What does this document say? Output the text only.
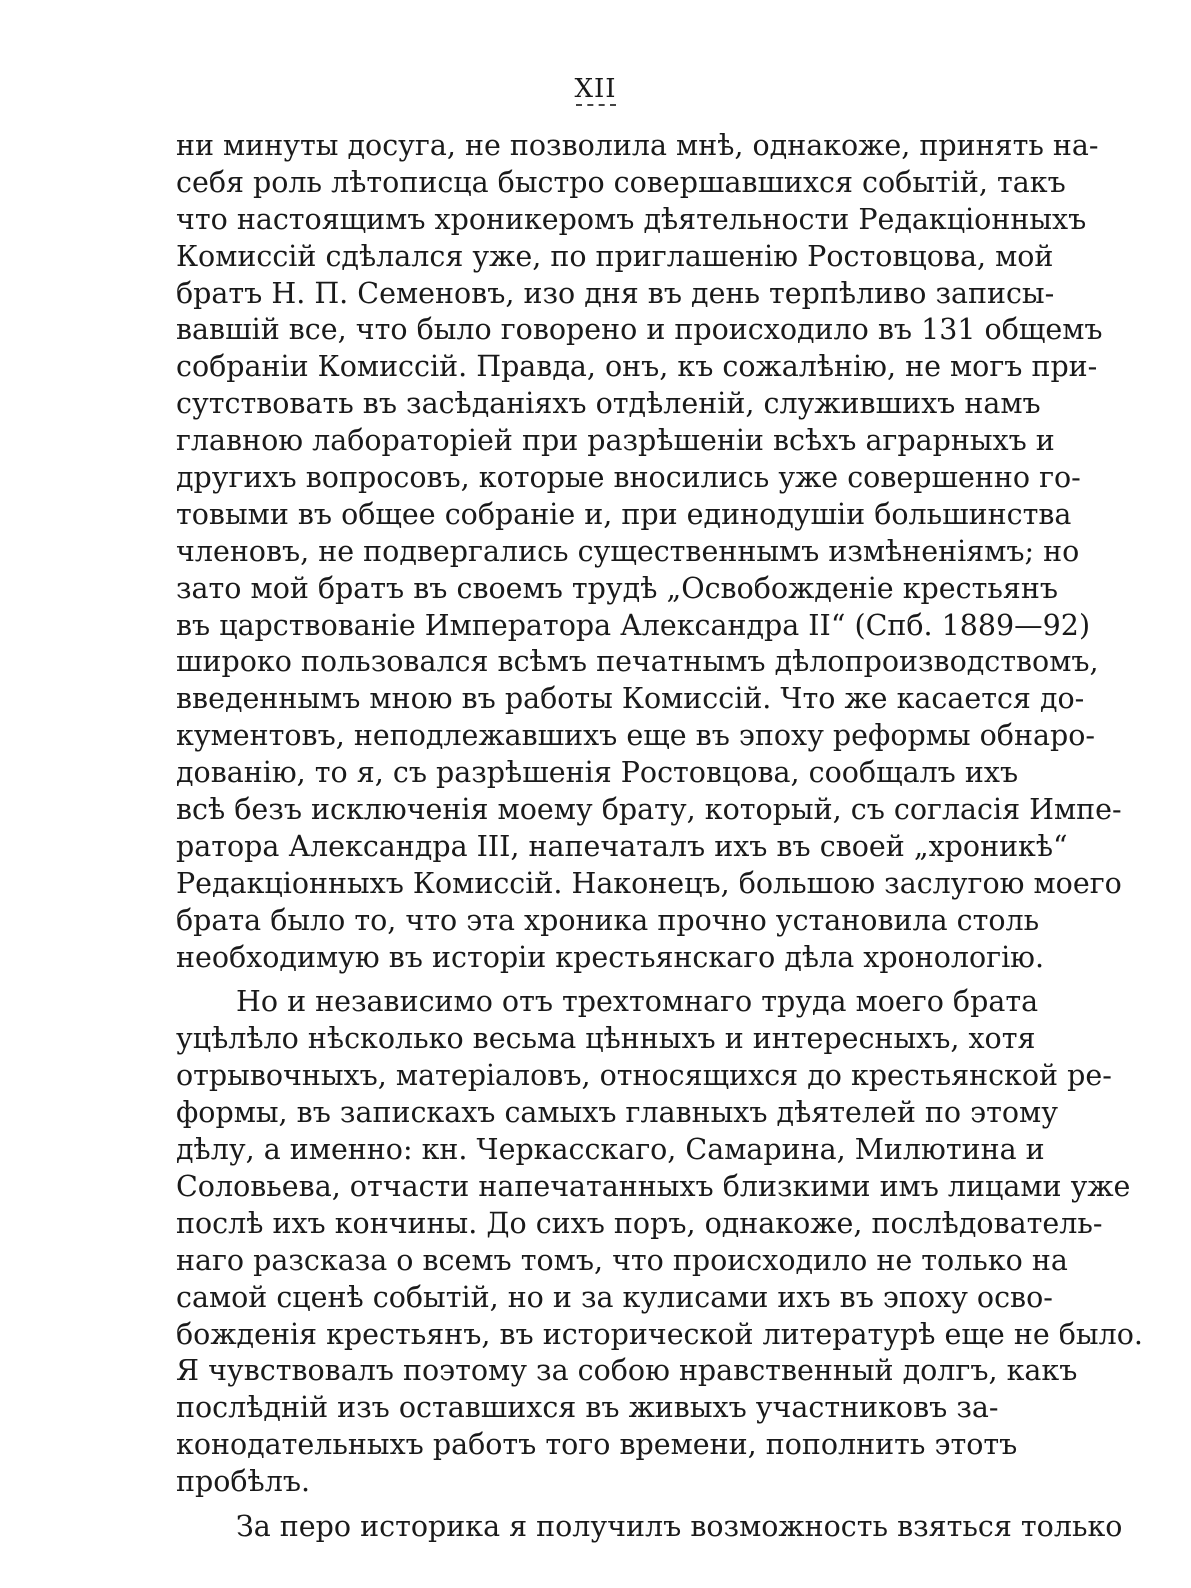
XII
ни минуты досуга, не позволила мнѣ, однакоже, принять на-
себя роль лѣтописца быстро совершавшихся событій, такъ
что настоящимъ хроникеромъ дѣятельности Редакціонныхъ
Комиссій сдѣлался уже, по приглашенію Ростовцова, мой
братъ Н. П. Семеновъ, изо дня въ день терпѣливо записы-
вавшій все, что было говорено и происходило въ 131 общемъ
собраніи Комиссій. Правда, онъ, къ сожалѣнію, не могъ при-
сутствовать въ засѣданіяхъ отдѣленій, служившихъ намъ
главною лабораторіей при разрѣшеніи всѣхъ аграрныхъ и
другихъ вопросовъ, которые вносились уже совершенно го-
товыми въ общее собраніе и, при единодушіи большинства
членовъ, не подвергались существеннымъ измѣненіямъ; но
зато мой братъ въ своемъ трудѣ „Освобожденіе крестьянъ
въ царствованіе Императора Александра II“ (Спб. 1889—92)
широко пользовался всѣмъ печатнымъ дѣлопроизводствомъ,
введеннымъ мною въ работы Комиссій. Что же касается до-
кументовъ, неподлежавшихъ еще въ эпоху реформы обнаро-
дованію, то я, съ разрѣшенія Ростовцова, сообщалъ ихъ
всѣ безъ исключенія моему брату, который, съ согласія Импе-
ратора Александра III, напечаталъ ихъ въ своей „хроникѣ“
Редакціонныхъ Комиссій. Наконецъ, большою заслугою моего
брата было то, что эта хроника прочно установила столь
необходимую въ исторіи крестьянскаго дѣла хронологію.
Но и независимо отъ трехтомнаго труда моего брата
уцѣлѣло нѣсколько весьма цѣнныхъ и интересныхъ, хотя
отрывочныхъ, матеріаловъ, относящихся до крестьянской ре-
формы, въ запискахъ самыхъ главныхъ дѣятелей по этому
дѣлу, а именно: кн. Черкасскаго, Самарина, Милютина и
Соловьева, отчасти напечатанныхъ близкими имъ лицами уже
послѣ ихъ кончины. До сихъ поръ, однакоже, послѣдователь-
наго разсказа о всемъ томъ, что происходило не только на
самой сценѣ событій, но и за кулисами ихъ въ эпоху осво-
божденія крестьянъ, въ исторической литературѣ еще не было.
Я чувствовалъ поэтому за собою нравственный долгъ, какъ
послѣдній изъ оставшихся въ живыхъ участниковъ за-
конодательныхъ работъ того времени, пополнить этотъ
пробѣлъ.
За перо историка я получилъ возможность взяться только
